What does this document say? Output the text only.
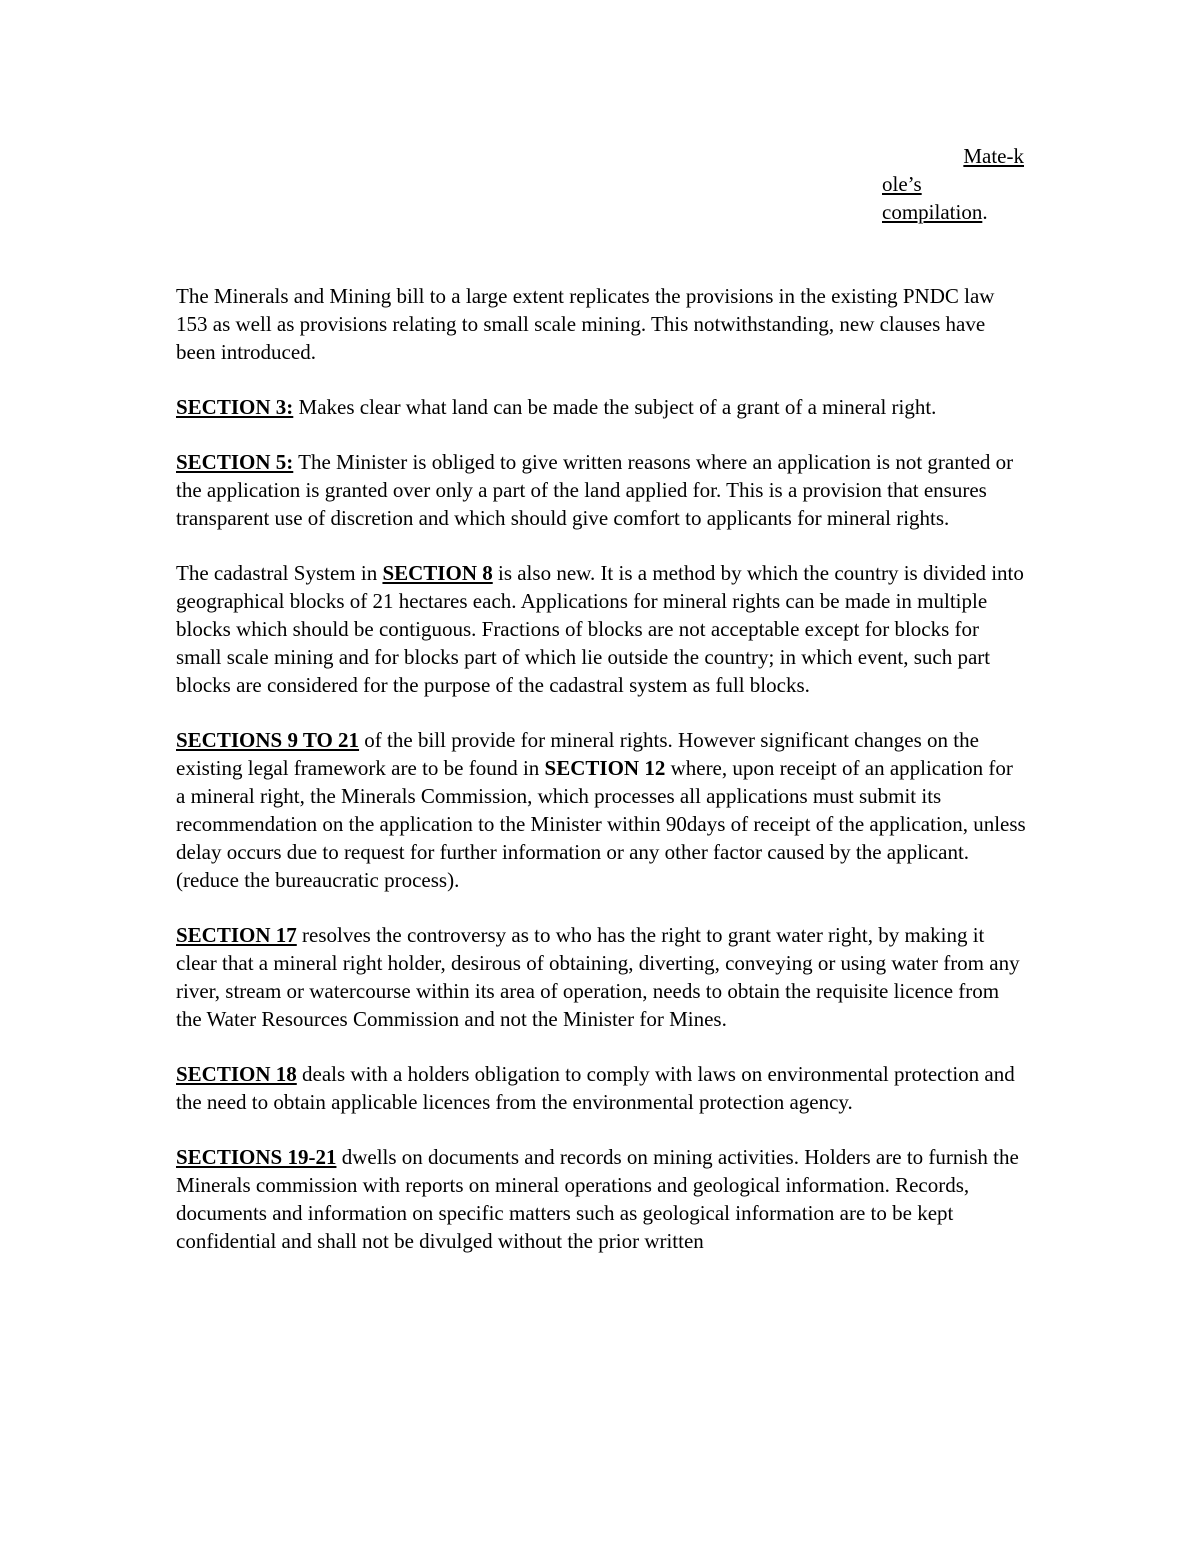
Mate-k
ole’s
compilation.

The Minerals and Mining bill to a large extent replicates the provisions in the existing PNDC law 153 as well as provisions relating to small scale mining. This notwithstanding, new clauses have been introduced.

SECTION 3: Makes clear what land can be made the subject of a grant of a mineral right.

SECTION 5: The Minister is obliged to give written reasons where an application is not granted or the application is granted over only a part of the land applied for. This is a provision that ensures transparent use of discretion and which should give comfort to applicants for mineral rights.

The cadastral System in SECTION 8 is also new. It is a method by which the country is divided into geographical blocks of 21 hectares each. Applications for mineral rights can be made in multiple blocks which should be contiguous. Fractions of blocks are not acceptable except for blocks for small scale mining and for blocks part of which lie outside the country; in which event, such part blocks are considered for the purpose of the cadastral system as full blocks.

SECTIONS 9 TO 21 of the bill provide for mineral rights. However significant changes on the existing legal framework are to be found in SECTION 12 where, upon receipt of an application for a mineral right, the Minerals Commission, which processes all applications must submit its recommendation on the application to the Minister within 90days of receipt of the application, unless delay occurs due to request for further information or any other factor caused by the applicant.(reduce the bureaucratic process).

SECTION 17 resolves the controversy as to who has the right to grant water right, by making it clear that a mineral right holder, desirous of obtaining, diverting, conveying or using water from any river, stream or watercourse within its area of operation, needs to obtain the requisite licence from the Water Resources Commission and not the Minister for Mines.

SECTION 18 deals with a holders obligation to comply with laws on environmental protection and the need to obtain applicable licences from the environmental protection agency.

SECTIONS 19-21 dwells on documents and records on mining activities. Holders are to furnish the Minerals commission with reports on mineral operations and geological information. Records, documents and information on specific matters such as geological information are to be kept confidential and shall not be divulged without the prior written
